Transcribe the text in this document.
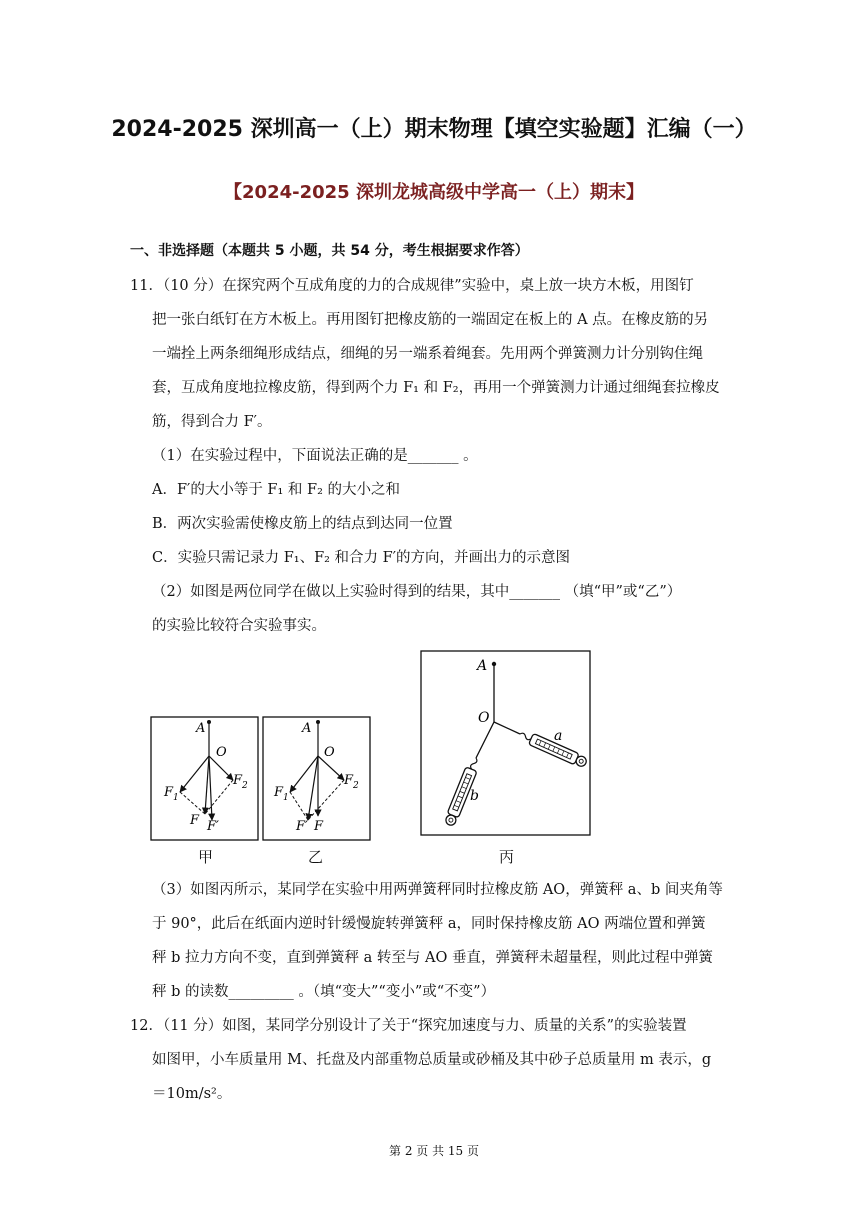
2024-2025 深圳高一（上）期末物理【填空实验题】汇编（一）
【2024-2025 深圳龙城高级中学高一（上）期末】
一、非选择题（本题共 5 小题，共 54 分，考生根据要求作答）
11．（10 分）在探究两个互成角度的力的合成规律”实验中，桌上放一块方木板，用图钉
把一张白纸钉在方木板上。再用图钉把橡皮筋的一端固定在板上的 A 点。在橡皮筋的另
一端拴上两条细绳形成结点，细绳的另一端系着绳套。先用两个弹簧测力计分别钩住绳
套，互成角度地拉橡皮筋，得到两个力 F₁ 和 F₂，再用一个弹簧测力计通过细绳套拉橡皮
筋，得到合力 F′。
（1）在实验过程中，下面说法正确的是_______ 。
A．F′的大小等于 F₁ 和 F₂ 的大小之和
B．两次实验需使橡皮筋上的结点到达同一位置
C．实验只需记录力 F₁、F₂ 和合力 F′的方向，并画出力的示意图
（2）如图是两位同学在做以上实验时得到的结果，其中_______ （填“甲”或“乙”）
的实验比较符合实验事实。
A
O
F 1
F 2
F F′
甲
A
O
F 1
F 2
F′ F
乙
A
O
a
b
丙
（3）如图丙所示，某同学在实验中用两弹簧秤同时拉橡皮筋 AO，弹簧秤 a、b 间夹角等
于 90°，此后在纸面内逆时针缓慢旋转弹簧秤 a，同时保持橡皮筋 AO 两端位置和弹簧
秤 b 拉力方向不变，直到弹簧秤 a 转至与 AO 垂直，弹簧秤未超量程，则此过程中弹簧
秤 b 的读数_________ 。（填“变大”“变小”或“不变”）
12．（11 分）如图，某同学分别设计了关于“探究加速度与力、质量的关系”的实验装置
如图甲，小车质量用 M、托盘及内部重物总质量或砂桶及其中砂子总质量用 m 表示，g
＝10m/s²。
第 2 页 共 15 页
